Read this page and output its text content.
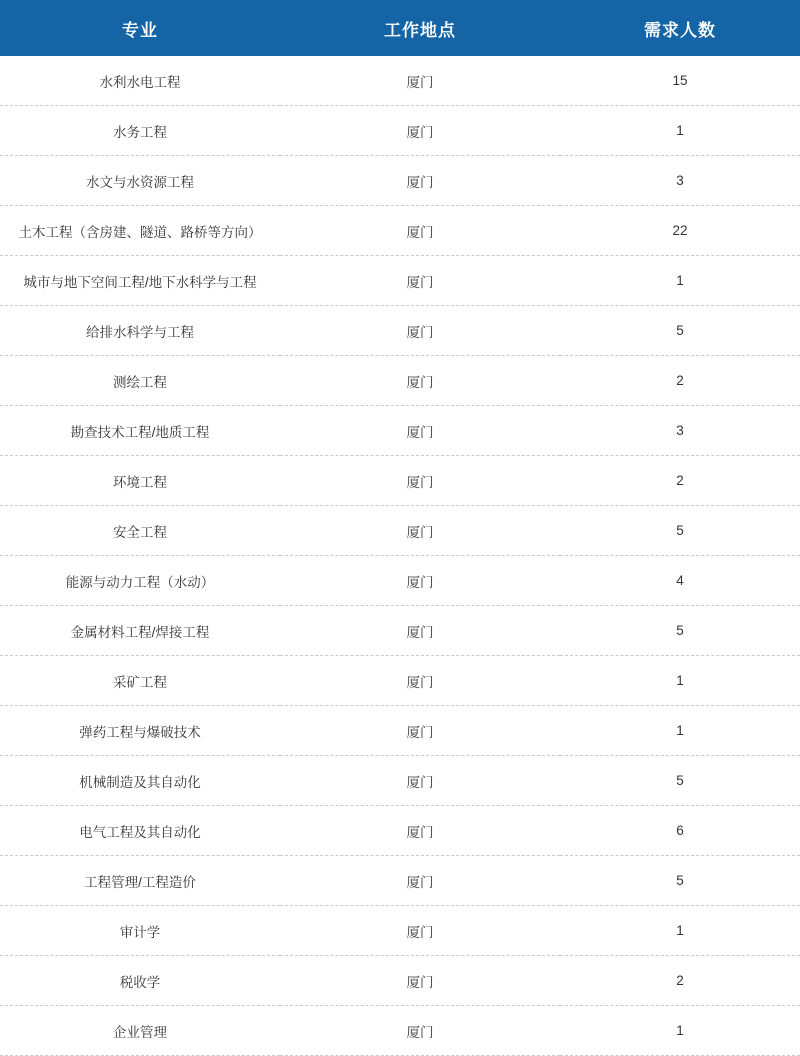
专业	工作地点	需求人数
水利水电工程	厦门	15
水务工程	厦门	1
水文与水资源工程	厦门	3
土木工程（含房建、隧道、路桥等方向）	厦门	22
城市与地下空间工程/地下水科学与工程	厦门	1
给排水科学与工程	厦门	5
测绘工程	厦门	2
勘查技术工程/地质工程	厦门	3
环境工程	厦门	2
安全工程	厦门	5
能源与动力工程（水动）	厦门	4
金属材料工程/焊接工程	厦门	5
采矿工程	厦门	1
弹药工程与爆破技术	厦门	1
机械制造及其自动化	厦门	5
电气工程及其自动化	厦门	6
工程管理/工程造价	厦门	5
审计学	厦门	1
税收学	厦门	2
企业管理	厦门	1
